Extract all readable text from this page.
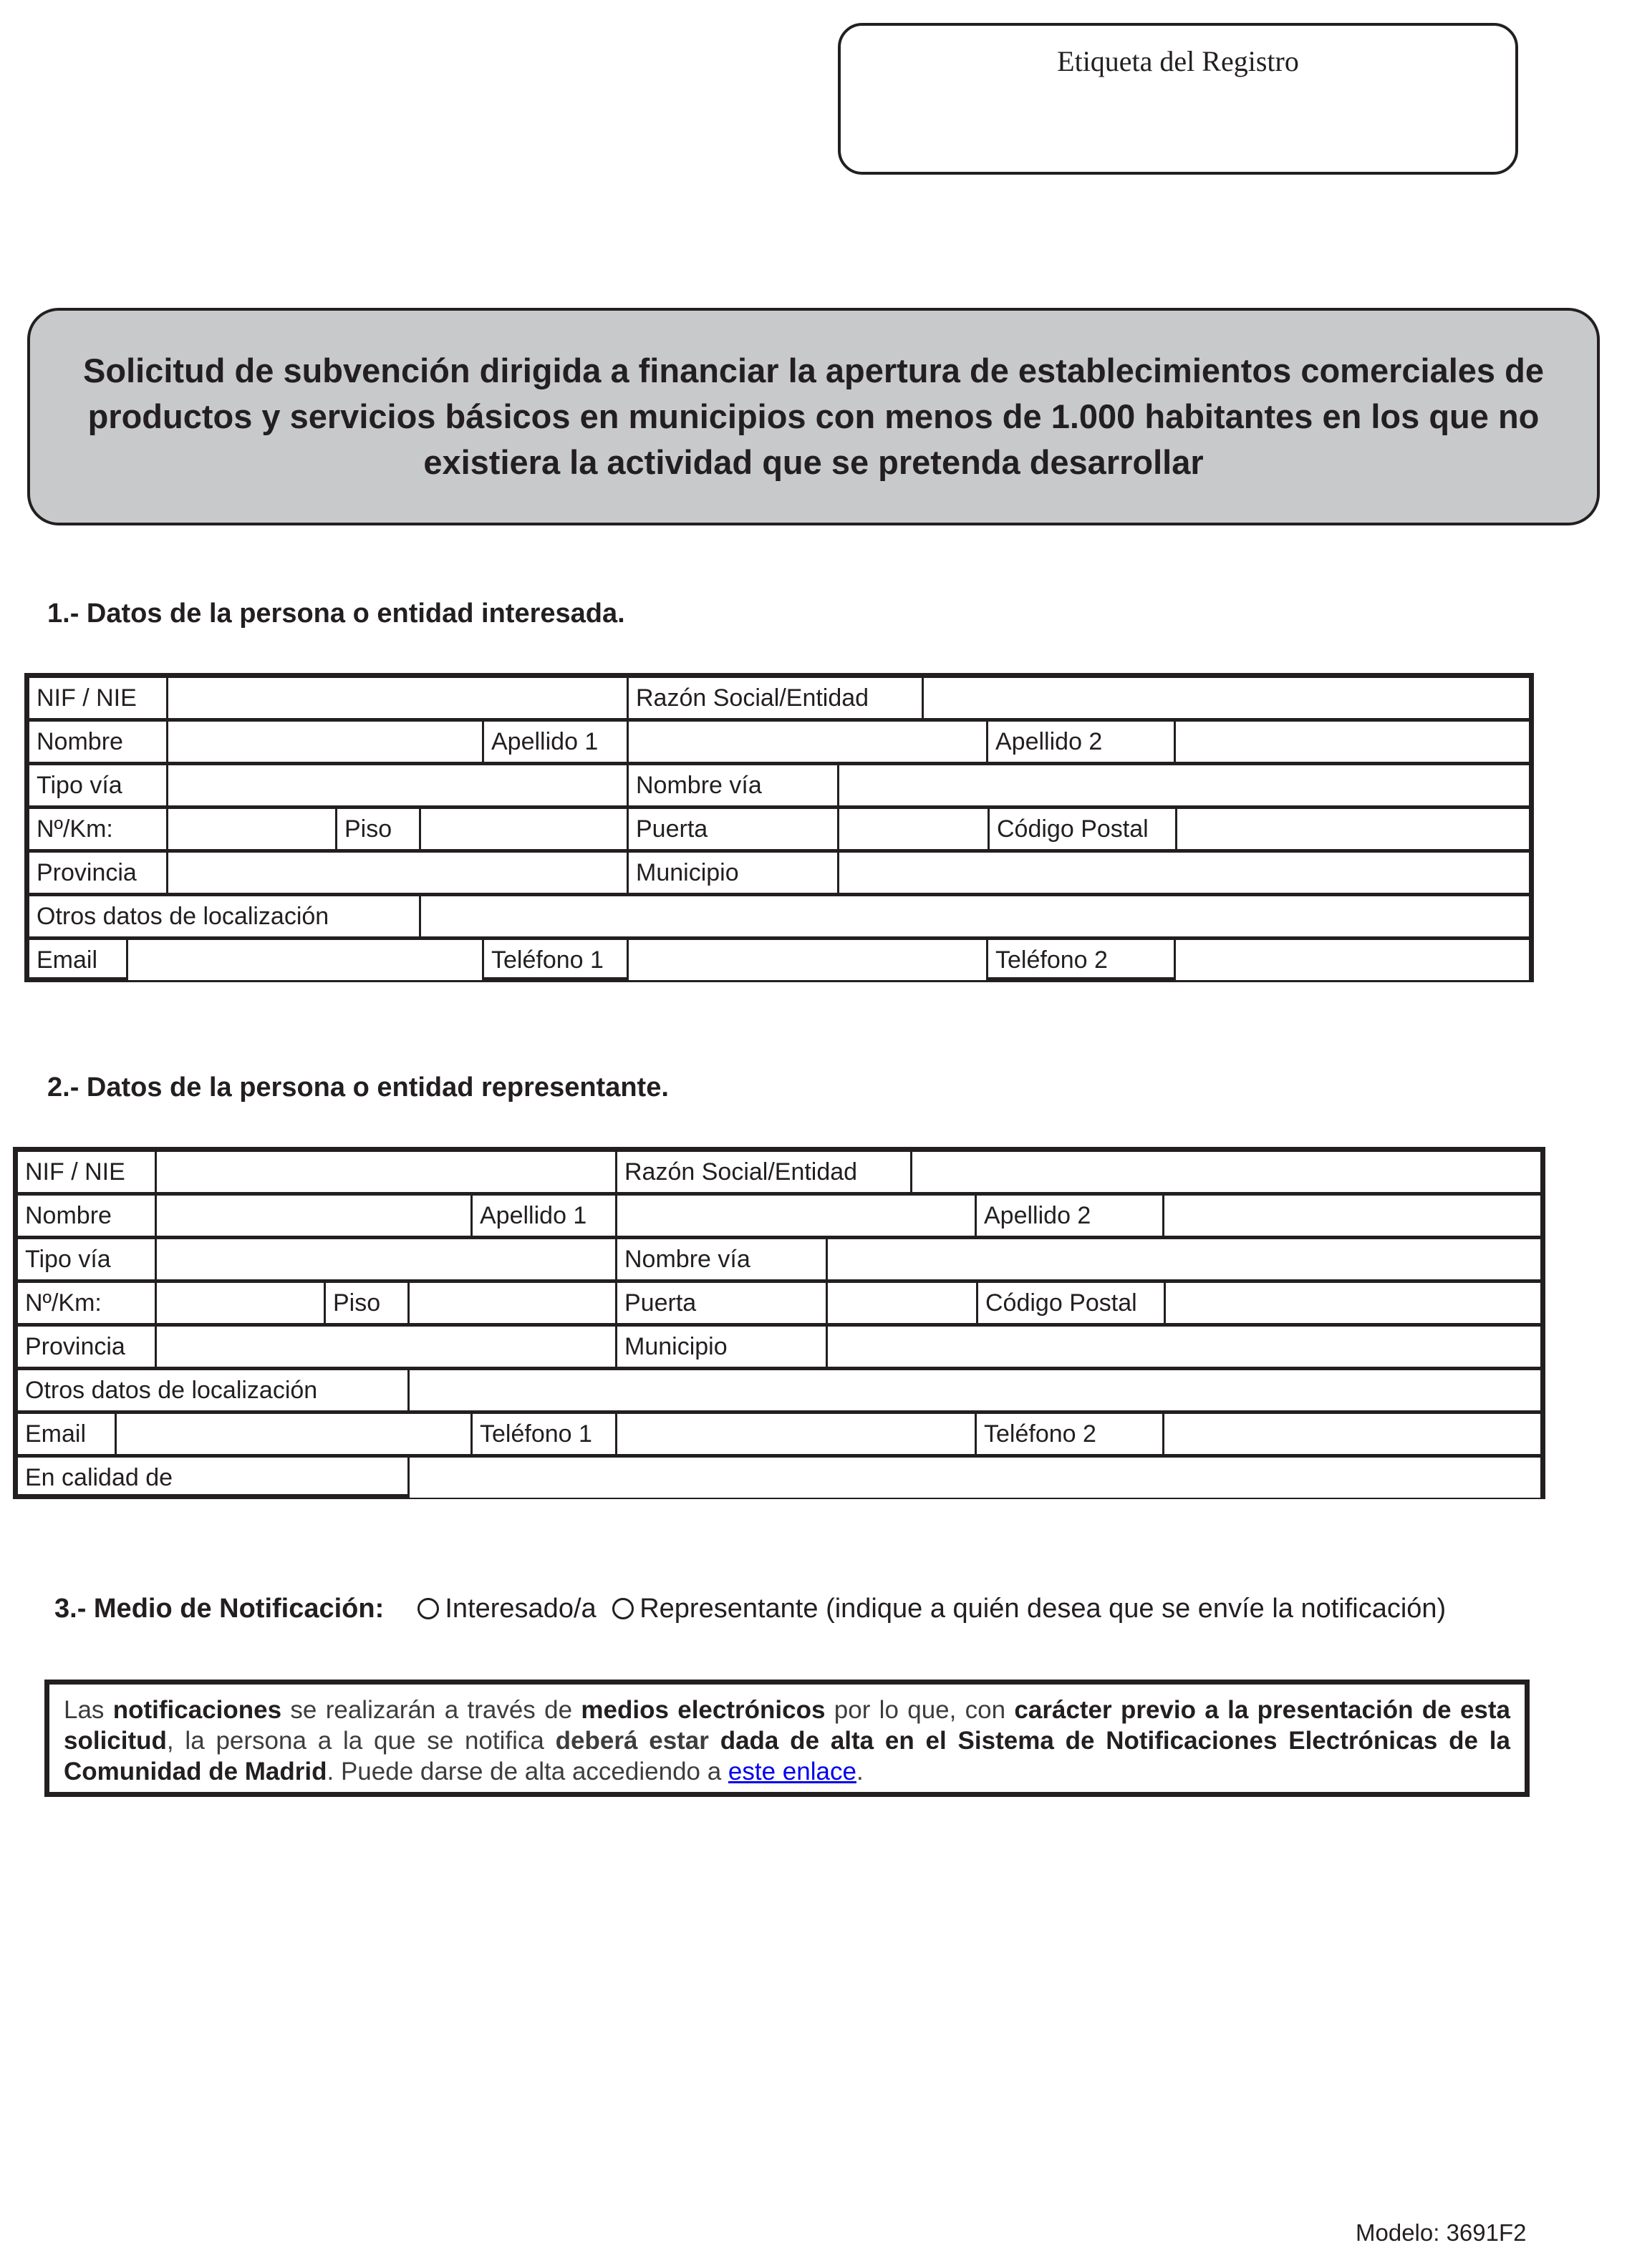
Etiqueta del Registro
Solicitud de subvención dirigida a financiar la apertura de establecimientos comerciales de productos y servicios básicos en municipios con menos de 1.000 habitantes en los que no existiera la actividad que se pretenda desarrollar
1.- Datos de la persona o entidad interesada.
NIF / NIE	Razón Social/Entidad
Nombre	Apellido 1	Apellido 2
Tipo vía	Nombre vía
Nº/Km:	Piso	Puerta	Código Postal
Provincia	Municipio
Otros datos de localización
Email	Teléfono 1	Teléfono 2
2.- Datos de la persona o entidad representante.
NIF / NIE	Razón Social/Entidad
Nombre	Apellido 1	Apellido 2
Tipo vía	Nombre vía
Nº/Km:	Piso	Puerta	Código Postal
Provincia	Municipio
Otros datos de localización
Email	Teléfono 1	Teléfono 2
En calidad de
3.- Medio de Notificación: Interesado/a Representante (indique a quién desea que se envíe la notificación)
Las notificaciones se realizarán a través de medios electrónicos por lo que, con carácter previo a la presentación de esta solicitud, la persona a la que se notifica deberá estar dada de alta en el Sistema de Notificaciones Electrónicas de la Comunidad de Madrid. Puede darse de alta accediendo a este enlace.
Modelo: 3691F2
